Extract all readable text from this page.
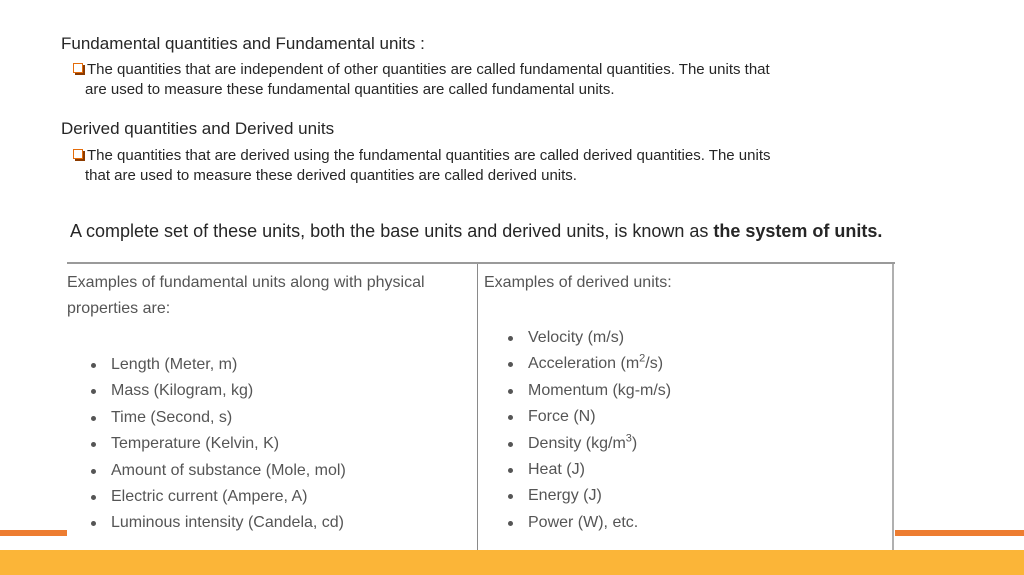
Fundamental quantities and Fundamental units :
The quantities that are independent of other quantities are called fundamental quantities. The units that
are used to measure these fundamental quantities are called fundamental units.
Derived quantities and Derived units
The quantities that are derived using the fundamental quantities are called derived quantities. The units
that are used to measure these derived quantities are called derived units.
A complete set of these units, both the base units and derived units, is known as the system of units.
Examples of fundamental units along with physical
properties are:
Examples of derived units:
Length (Meter, m)
Mass (Kilogram, kg)
Time (Second, s)
Temperature (Kelvin, K)
Amount of substance (Mole, mol)
Electric current (Ampere, A)
Luminous intensity (Candela, cd)
Velocity (m/s)
Acceleration $(m^2/s)$
Momentum (kg-m/s)
Force (N)
Density $(kg/m^3)$
Heat (J)
Energy (J)
Power (W), etc.
